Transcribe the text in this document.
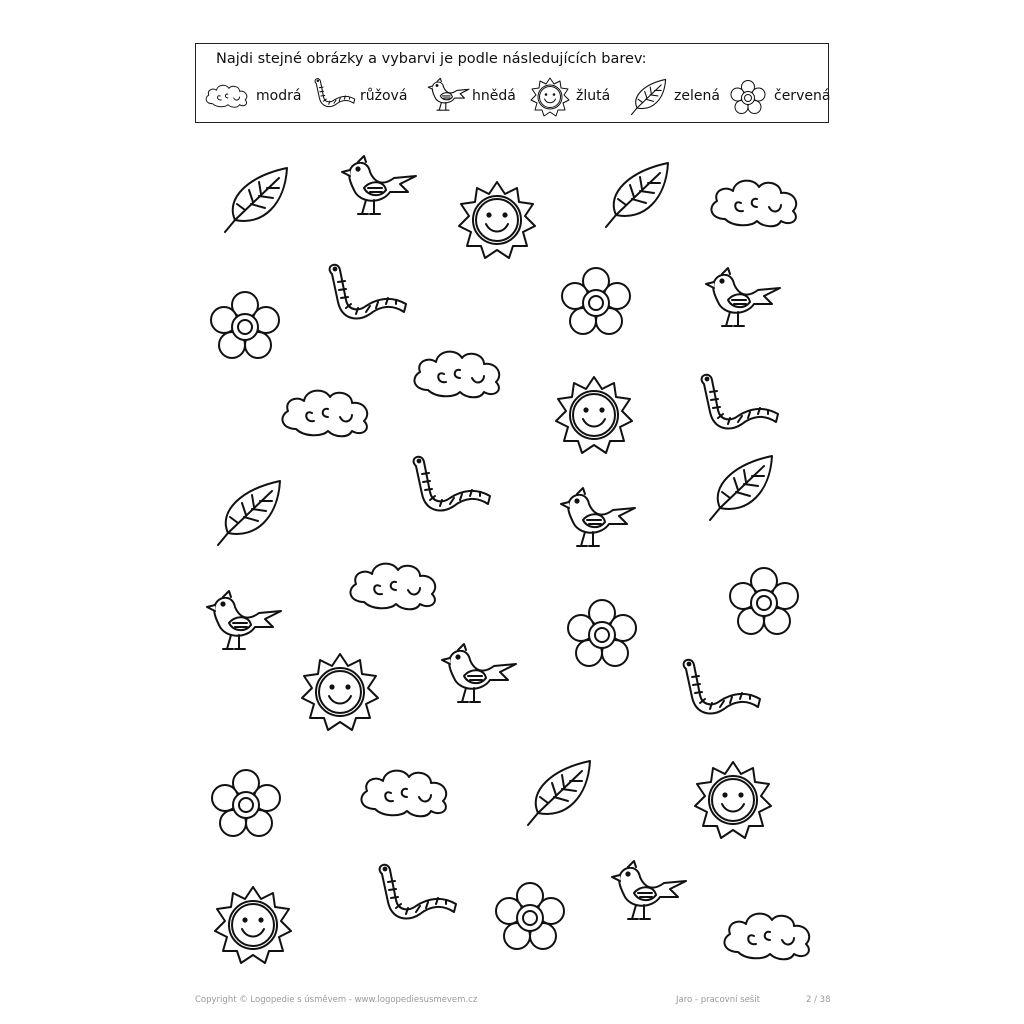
Najdi stejné obrázky a vybarvi je podle následujících barev:
modrá	růžová	hnědá	žlutá	zelená	červená
Copyright © Logopedie s úsměvem - www.logopediesusmevem.cz	Jaro - pracovní sešit	2 / 38
